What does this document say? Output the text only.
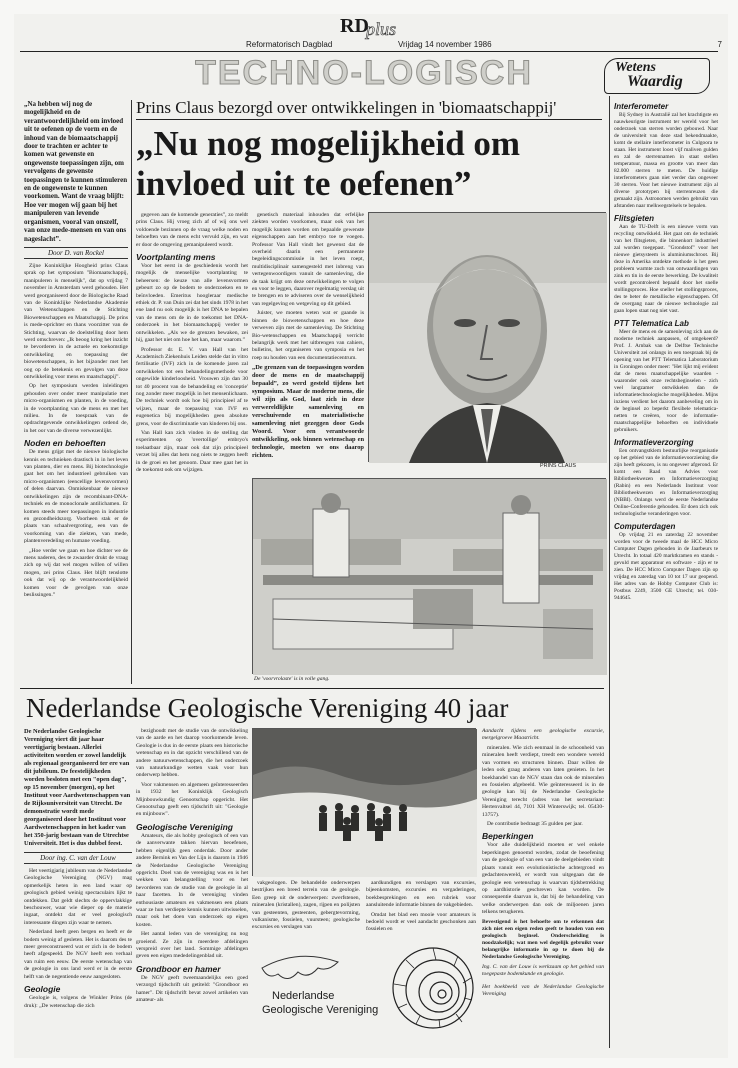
RD
plus
Reformatorisch Dagblad	Vrijdag 14 november 1986	7
TECHNO-LOGISCH	Wetens
Waardig

„Na hebben wij nog de mogelijkheid en de verantwoordelijkheid om invloed uit te oefenen op de vorm en de inhoud van de biomaatschappij door te trachten er achter te komen wat gewenste en ongewenste toepassingen zijn, om vervolgens de gewenste toepassingen te kunnen stimuleren en de ongewenste te kunnen voorkomen. Want de vraag blijft: Hoe ver mogen wij gaan bij het manipuleren van levende organismen, vooral van onszelf, van onze mede-mensen en van ons nageslacht”.

Door D. van Rockel

Zijne Koninklijke Hoogheid prins Claus sprak op het symposium "Biomaatschappij, manipuleren is menselijk", dat op vrijdag 7 november in Amsterdam werd gehouden. Het werd georganiseerd door de Biologische Raad van de Koninklijke Nederlandse Akademie van Wetenschappen en de Stichting Biowetenschappen en Maatschappij. De prins is mede-oprichter en thans voorzitter van de Stichting, waarvan de doelstelling door hem werd omschreven: „Ik beoog kring het inzicht te bevorderen in de actuele en toekomstige ontwikkeling en toepassing der biowetenschappen, in het bijzonder met het oog op de betekenis en gevolgen van deze ontwikkeling voor mens en maatschappij”.

Op het symposium werden inleidingen gehouden over onder meer manipulatie met micro-organismen en planten, in de voeding, in de voortplanting van de mens en met het milieu. In de toespraak van de opdrachtgevende ontwikkelingen ordend de, in het oor van de diverse verwezenlijkt.

Noden en behoeften

De mens grijpt met de nieuwe biologische kennis en technieken drastisch in in het leven van planten, dier en mens. Bij biotechnologie gaat het om het industrieel gebruiken van micro-organismen (eencellige levensvormen) of delen daarvan. Onmiskenbaar de nieuwe ontwikkelingen zijn de recombinant-DNA-techniek en de monoclonale antilichamen. Er komen steeds meer toepassingen in industrie en gezondheidszorg. Voorheen stak er de plaats van schaalvergroting, een van de voorkoming van die ziekten, van mede, plantenveredeling en humane voeding.

„Hoe verder we gaan en hoe dichter we de mens naderen, des te zwaarder drukt de vraag zich op wij dat wel mogen willen of willen mogen, zei prins Claus. Het blijft tenslotte ook dat wij op de verantwoordelijkheid komen voor de gevolgen van onze beslissingen.”

Prins Claus bezorgd over ontwikkelingen in 'biomaatschappij'
„Nu nog mogelijkheid om invloed uit te oefenen”

gegeven aan de komende generaties”, zo meldt prins Claus. Hij vroeg zich af of wij ons wel voldoende bezinnen op de vraag welke noden en behoeften van de mens echt vervuld zijn, en wat er door de omgeving gemanipuleerd wordt.

Voortplanting mens

Voor het eerst in de geschiedenis wordt het mogelijk de menselijke voortplanting te beheersen: de keuze van alle levensvormen gebeurt zo op de bodem te onderzoeken en te beïnvloeden. Emeritus hoogleraar medische ethiek dr. P. van Duin zei dat het sinds 1978 in het ene land nu ook mogelijk is het DNA te bepalen van de mens om de in de toekomst het DNA-onderzoek in het biomaatschappij verder te ontwikkelen. „Als we de grenzen bewaken, zei hij, gaat het niet om hoe het kan, maar waarom.”

Professor dr. E. V. van Hall van het Academisch Ziekenhuis Leiden stelde dat in vitro fertilisatie (IVF) zich in de komende jaren zal ontwikkelen tot een behandelingsmethode voor ongewilde kinderloosheid. Vrouwen zijn dan 30 tot 40 procent van de behandeling en 'conceptie' nog zonder meer mogelijk in het mensenlichaam. De techniek wordt ook hoe bij principieel af te wijzen, maar de toepassing van IVF en eugenetica bij mogelijkheden geen absolute grens, voor de discriminatie van kinderen bij ons.

Van Hall kan zich vinden in de stelling dat experimenten op 'overtollige' embryo's toelaatbaar zijn, maar ook dat zijn principieel verzet bij alles dat hem nog niets te zeggen heeft in de groei en het genoom. Daar mee gaat het in de toekomst ook om wijzigen.

genetisch materiaal inhouden dat erfelijke ziekten worden voorkomen, maar ook van het mogelijk kunnen worden om bepaalde gewenste eigenschappen aan het embryo toe te voegen. Professor Van Hall vindt het gewenst dat de overheid daarin een permanente begeleidingscommissie in het leven roept, multidisciplinair samengesteld met inbreng van vertegenwoordigers vanuit de samenleving, die de taak krijgt om deze ontwikkelingen te volgen en voor te leggen, daarover regelmatig verslag uit te brengen en te adviseren over de wenselijkheid van regelgeving en wetgeving op dit gebied.

Juister, we moeten weten wat er gaande is binnen de biowetenschappen en hoe deze verweven zijn met de samenleving. De Stichting Bio-wetenschappen en Maatschappij verricht belangrijk werk met het uitbrengen van cahiers, bulletins, het organiseren van symposia en het roep nu houden van een documentatiecentrum.

„De grenzen van de toepassingen worden door de mens en de maatschappij bepaald”, zo werd gesteld tijdens het symposium. Maar de moderne mens, die wil zijn als God, laat zich in deze verwereldlijkte samenleving en verschuivende en materialistische samenleving niet gezeggen door Gods Woord. Voor een verantwoorde ontwikkeling, ook binnen wetenschap en technologie, moeten we ons daarop richten.

PRINS CLAUS
De 'voorvrolaste' is in volle gang.
Nederlandse Geologische Vereniging 40 jaar

De Nederlandse Geologische Vereniging viert dit jaar haar veertigjarig bestaan. Allerlei activiteiten worden er zowel landelijk als regionaal georganiseerd ter ere van dit jubileum. De feestelijkheden worden besloten met een "open dag", op 15 november (morgen), op het Instituut voor Aardwetenschappen van de Rijksuniversiteit van Utrecht. De demonstratie wordt mede georganiseerd door het Instituut voor Aardwetenschappen in het kader van het 350-jarig bestaan van de Utrechtse Universiteit. Het is dus dubbel feest.

Door ing. C. van der Louw

Het veertigjarig jubileum van de Nederlandse Geologische Vereniging (NGV) mag opmerkelijk heten in een land waar op geologisch gebied weinig spectaculairs lijkt te ontdekken. Dat geldt slechts de oppervlakkige beschouwer, waar wie dieper op de materie ingaat, ontdekt dat er veel geologisch interessante dingen zijn waar te nemen.

Nederland heeft geen bergen en heeft er de bodem weinig af gesleten. Het is daarom des te meer gereconstrueerd wat er zich in de bodem heeft afgespeeld. De NGV heeft een verhaal van ruim een eeuw. De eerste wetenschap van de geologie in ons land werd er in de eerste helft van de negentiende eeuw aangesloten.

Geologie

Geologie is, volgens de Winkler Prins (de druk): „De wetenschap die zich

bezighoudt met de studie van de ontwikkeling van de aarde en het daarop voorkomende leven. Geologie is dus in de eerste plaats een historische wetenschap en in dat opzicht verschillend van de andere natuurwetenschappen, die het onderzoek van natuurkundige wetten vaak voor hun onderwerp hebben.

Voor vakmensen en algemeen geïnteresseerden in 1932 het Koninklijk Geologisch Mijnbouwkundig Genootschap opgericht. Het Genootschap geeft een tijdschrift uit: "Geologie en mijnbouw".

Geologische Vereniging

Amateurs, die als hobby geologisch of een van de aanverwante takken hiervan beoefenen, hebben eigenlijk geen onderdak. Door ander andere Bernink en Van der Lijn is daarom in 1946 de Nederlandse Geologische Vereniging opgericht. Doel van de vereniging was en is het wekken van belangstelling voor en het bevorderen van de studie van de geologie in al haar facetten. In de vereniging vinden enthousiaste amateurs en vakmensen een plaats waar ze hun verdiepte kennis kunnen uitwisselen, maar ook het doen van onderzoek op eigen kosten.

Het aantal leden van de vereniging nu nog groeiend. Ze zijn in meerdere afdelingen verspreid over het land. Sommige afdelingen geven een eigen mededelingenblad uit.

Grondboor en hamer

De NGV geeft tweemaandelijks een goed verzorgd tijdschrift uit getiteld: "Grondboor en hamer". Dit tijdschrift bevat zowel artikelen van amateur- als

vakgeologen. De behandelde onderwerpen bestrijken een breed terrein van de geologie. Een greep uit de onderwerpen: zwerfstenen, mineralen (kristallen), zagen, rijpen en polijsten van gesteenten, gesteenten, gebergtevorming, vulkanisme, fossielen, vuursteen; geologische excursies en verslagen van

aardkundigen en verslagen van excursies, bijeenkomsten, excursies en vergaderingen, boekbesprekingen en een rubriek voor aansluitende informatie binnen de vakgebieden.

Omdat het blad een mooie voor amateurs is bedoeld wordt er veel aandacht geschonken aan fossielen en

Nederlandse
Geologische Vereniging

Aandacht tijdens een geologische excursie, mergelgroeve Maastricht.

mineralen. Wie zich eenmaal in de schoonheid van mineralen heeft verdiept, treedt een wondere wereld van vormen en structuren binnen. Daar willen de leden ook graag anderen van laten genieten. In het boekhandel van de NGV staan dan ook de mineralen en fossielen afgebeeld. Wie geïnteresseerd is in de geologie kan bij de Nederlandse Geologische Vereniging terecht (adres van het secretariaat: Hertenvaltsel 44, 7101 XH Winterswijk; tel. 05430-13757).

De contributie bedraagt 35 gulden per jaar.

Beperkingen

Voor alle duidelijkheid moeten er wel enkele beperkingen genoemd worden, zodat de beoefening van de geologie of van een van de deelgebieden vindt plaats vanuit een evolutionistische achtergrond en gedachtenwereld, er wordt van uitgegaan dat de geologie een wetenschap is waarvan tijdsbetrekking op aardhistorie geschreven kan worden. De consequentie daarvan is, dat bij de behandeling van welke onderwerpen dan ook de miljoenen jaren telkens terugkeren.

Bevestigend is het behoefte om te erkennen dat zich niet een eigen reden geeft te houden van een geologisch beginsel. Onderscheiding is noodzakelijk; wat men wel degelijk gebruikt voor belangrijke informatie in op te doen bij de Nederlandse Geologische Vereniging.

Ing. C. van der Louw is werkzaam op het gebied van toegepaste bodemkunde en geologie.

Het boekbeeld van de Nederlandse Geologische Vereniging

Interferometer

Bij Sydney in Australië zal het krachtigste en nauwkeurigste instrument ter wereld voor het onderzoek van sterren worden gebouwd. Naar de universiteit van deze stad bekendmaakte, komt de stellaire interferometer in Culgoora te staan. Het instrument loost vijf maliven gulden en zal de sterrennamen in staat stellen temperatuur, massa en grootte van meer dan 82.000 sterren te meten. De huidige interferometers gaan niet verder dan ongeveer 30 sterren. Voor het nieuwe instrument zijn al diverse prototypen bij sterrenreuzen die gemaakt zijn. Astronomen werden gebruikt van afstanden naar melkwegstelsels te bepalen.

Flitsgieten

Aan de TU-Delft is een nieuwe vorm van recycling ontwikkeld. Het gaat om de techniek van het flitsgieten, die binnenkort industrieel zal worden toegepast. "Grondstof" voor het nieuwe gietsysteem is aluminiumschroot. Bij deze in Amerika ontdekte methode is het geen probleem warmte zuch van ontwaardingen van zink en tin in de eerste bewerking. De kwaliteit wordt gecontroleerd bepaald door het snelle stollingsproces. Hoe sneller het stollingsproces, des te beter de metallische eigenschappen. Of de overgang naar de nieuwe technologie zal gaan lopen staat nog niet vast.

PTT Telematica Lab

Meer de mens en de samenleving zich aan de moderne techniek aanpassen, of omgekeerd? Prof. J. Arnbak van de Delftse Technische Universiteit zei onlangs in een toespraak bij de opening van het PTT Telematica Laboratorium in Groningen onder meer: "Het lijkt mij evident dat de mens maatschappelijke waarden - waaronder ook onze rechtsbeginselen - zich veel langzamer ontwikkelen dan de informatietechnologische mogelijkheden. Mijns inziens verdient het daarom aanbeveling om in de beginsel zo beperkt flexibele telematica-netten te creëren, voor de informatie-maatschappelijke behoeften en individuele gebruikers.

Informatieverzorging

Een ontvangstklem bestuurlijke reorganisatie op het gebied van de informatievoorziening die zijn heeft gekozen, is nu ongeveer afgerond. Er komt een Raad van Advies voor Bibliotheekwezen en Informatieverzorging (Rabin) en een Nederlands Instituut voor Bibliotheekwezen en Informatieverzorging (NBBI). Onlangs werd de eerste Nederlandse Online-Conferentie gehouden. Er doen zich ook technologische veranderingen voor.

Computerdagen

Op vrijdag 21 en zaterdag 22 november worden voor de tweede maal de HCC Micro Computer Dagen gehouden in de Jaarbeurs te Utrecht. In totaal 420 marktkramen en stands - gevuld met apparatuur en software - zijn er te zien. De HCC Micro Computer Dagen zijn op vrijdag en zaterdag van 10 tot 17 uur geopend. Het adres van de Hobby Computer Club is: Postbus 2249, 3500 GE Utrecht; tel. 030-944645.
